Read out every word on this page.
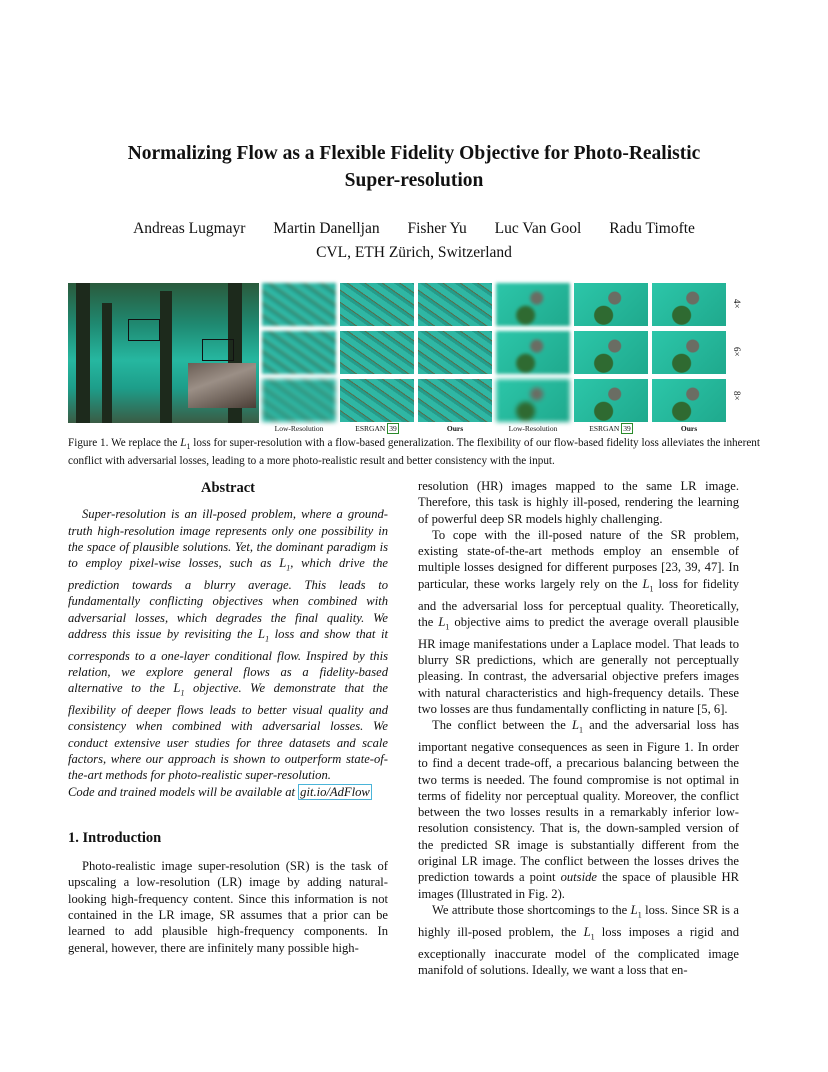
Normalizing Flow as a Flexible Fidelity Objective for Photo-Realistic
Super-resolution
Andreas Lugmayr Martin Danelljan Fisher Yu Luc Van Gool Radu Timofte
CVL, ETH Zürich, Switzerland
4×
6×
8×
Low-Resolution	ESRGAN 39	Ours	Low-Resolution	ESRGAN 39	Ours
Figure 1. We replace the $L_1$ loss for super-resolution with a flow-based generalization. The flexibility of our flow-based fidelity loss alleviates the inherent conflict with adversarial losses, leading to a more photo-realistic result and better consistency with the input.
Abstract

Super-resolution is an ill-posed problem, where a ground-truth high-resolution image represents only one possibility in the space of plausible solutions. Yet, the dominant paradigm is to employ pixel-wise losses, such as $L_1$, which drive the prediction towards a blurry average. This leads to fundamentally conflicting objectives when combined with adversarial losses, which degrades the final quality. We address this issue by revisiting the $L_1$ loss and show that it corresponds to a one-layer conditional flow. Inspired by this relation, we explore general flows as a fidelity-based alternative to the $L_1$ objective. We demonstrate that the flexibility of deeper flows leads to better visual quality and consistency when combined with adversarial losses. We conduct extensive user studies for three datasets and scale factors, where our approach is shown to outperform state-of-the-art methods for photo-realistic super-resolution.

Code and trained models will be available at git.io/AdFlow

1. Introduction

Photo-realistic image super-resolution (SR) is the task of upscaling a low-resolution (LR) image by adding natural-looking high-frequency content. Since this information is not contained in the LR image, SR assumes that a prior can be learned to add plausible high-frequency components. In general, however, there are infinitely many possible high-

resolution (HR) images mapped to the same LR image. Therefore, this task is highly ill-posed, rendering the learning of powerful deep SR models highly challenging.

To cope with the ill-posed nature of the SR problem, existing state-of-the-art methods employ an ensemble of multiple losses designed for different purposes [23, 39, 47]. In particular, these works largely rely on the $L_1$ loss for fidelity and the adversarial loss for perceptual quality. Theoretically, the $L_1$ objective aims to predict the average overall plausible HR image manifestations under a Laplace model. That leads to blurry SR predictions, which are generally not perceptually pleasing. In contrast, the adversarial objective prefers images with natural characteristics and high-frequency details. These two losses are thus fundamentally conflicting in nature [5, 6].

The conflict between the $L_1$ and the adversarial loss has important negative consequences as seen in Figure 1. In order to find a decent trade-off, a precarious balancing between the two terms is needed. The found compromise is not optimal in terms of fidelity nor perceptual quality. Moreover, the conflict between the two losses results in a remarkably inferior low-resolution consistency. That is, the down-sampled version of the predicted SR image is substantially different from the original LR image. The conflict between the losses drives the prediction towards a point outside the space of plausible HR images (Illustrated in Fig. 2).

We attribute those shortcomings to the $L_1$ loss. Since SR is a highly ill-posed problem, the $L_1$ loss imposes a rigid and exceptionally inaccurate model of the complicated image manifold of solutions. Ideally, we want a loss that en-
